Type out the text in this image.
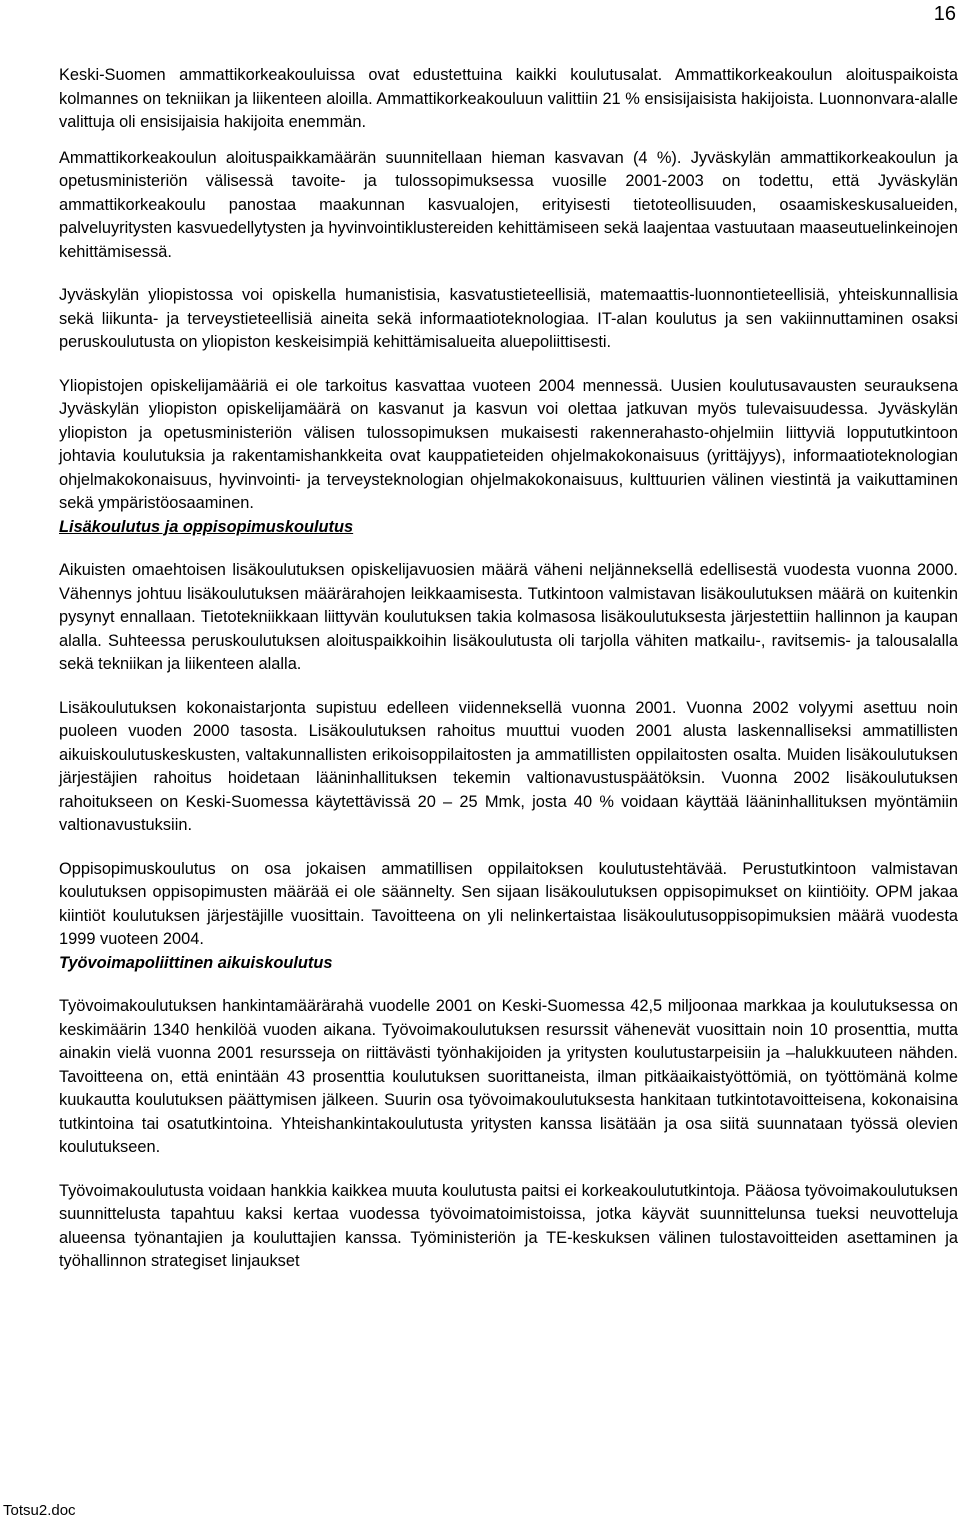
16

Keski-Suomen ammattikorkeakouluissa ovat edustettuina kaikki koulutusalat. Ammattikorkeakoulun aloituspaikoista kolmannes on tekniikan ja liikenteen aloilla. Ammattikorkeakouluun valittiin 21 % ensisijaisista hakijoista. Luonnonvara-alalle valittuja oli ensisijaisia hakijoita enemmän.

Ammattikorkeakoulun aloituspaikkamäärän suunnitellaan hieman kasvavan (4 %). Jyväskylän ammattikorkeakoulun ja opetusministeriön välisessä tavoite- ja tulossopimuksessa vuosille 2001-2003 on todettu, että Jyväskylän ammattikorkeakoulu panostaa maakunnan kasvualojen, erityisesti tietoteollisuuden, osaamiskeskusalueiden, palveluyritysten kasvuedellytysten ja hyvinvointiklustereiden kehittämiseen sekä laajentaa vastuutaan maaseutuelinkeinojen kehittämisessä.

Jyväskylän yliopistossa voi opiskella humanistisia, kasvatustieteellisiä, matemaattis-luonnontieteellisiä, yhteiskunnallisia sekä liikunta- ja terveystieteellisiä aineita sekä informaatioteknologiaa. IT-alan koulutus ja sen vakiinnuttaminen osaksi peruskoulutusta on yliopiston keskeisimpiä kehittämisalueita aluepoliittisesti.

Yliopistojen opiskelijamääriä ei ole tarkoitus kasvattaa vuoteen 2004 mennessä. Uusien koulutusavausten seurauksena Jyväskylän yliopiston opiskelijamäärä on kasvanut ja kasvun voi olettaa jatkuvan myös tulevaisuudessa. Jyväskylän yliopiston ja opetusministeriön välisen tulossopimuksen mukaisesti rakennerahasto-ohjelmiin liittyviä loppututkintoon johtavia koulutuksia ja rakentamishankkeita ovat kauppatieteiden ohjelmakokonaisuus (yrittäjyys), informaatioteknologian ohjelmakokonaisuus, hyvinvointi- ja terveysteknologian ohjelmakokonaisuus, kulttuurien välinen viestintä ja vaikuttaminen sekä ympäristöosaaminen.

Lisäkoulutus ja oppisopimuskoulutus

Aikuisten omaehtoisen lisäkoulutuksen opiskelijavuosien määrä väheni neljänneksellä edellisestä vuodesta vuonna 2000. Vähennys johtuu lisäkoulutuksen määrärahojen leikkaamisesta. Tutkintoon valmistavan lisäkoulutuksen määrä on kuitenkin pysynyt ennallaan. Tietotekniikkaan liittyvän koulutuksen takia kolmasosa lisäkoulutuksesta järjestettiin hallinnon ja kaupan alalla. Suhteessa peruskoulutuksen aloituspaikkoihin lisäkoulutusta oli tarjolla vähiten matkailu-, ravitsemis- ja talousalalla sekä tekniikan ja liikenteen alalla.

Lisäkoulutuksen kokonaistarjonta supistuu edelleen viidenneksellä vuonna 2001. Vuonna 2002 volyymi asettuu noin puoleen vuoden 2000 tasosta. Lisäkoulutuksen rahoitus muuttui vuoden 2001 alusta laskennalliseksi ammatillisten aikuiskoulutuskeskusten, valtakunnallisten erikoisoppilaitosten ja ammatillisten oppilaitosten osalta. Muiden lisäkoulutuksen järjestäjien rahoitus hoidetaan lääninhallituksen tekemin valtionavustuspäätöksin. Vuonna 2002 lisäkoulutuksen rahoitukseen on Keski-Suomessa käytettävissä 20 – 25 Mmk, josta 40 % voidaan käyttää lääninhallituksen myöntämiin valtionavustuksiin.

Oppisopimuskoulutus on osa jokaisen ammatillisen oppilaitoksen koulutustehtävää. Perustutkintoon valmistavan koulutuksen oppisopimusten määrää ei ole säännelty. Sen sijaan lisäkoulutuksen oppisopimukset on kiintiöity. OPM jakaa kiintiöt koulutuksen järjestäjille vuosittain. Tavoitteena on yli nelinkertaistaa lisäkoulutusoppisopimuksien määrä vuodesta 1999 vuoteen 2004.

Työvoimapoliittinen aikuiskoulutus

Työvoimakoulutuksen hankintamäärärahä vuodelle 2001 on Keski-Suomessa 42,5 miljoonaa markkaa ja koulutuksessa on keskimäärin 1340 henkilöä vuoden aikana. Työvoimakoulutuksen resurssit vähenevät vuosittain noin 10 prosenttia, mutta ainakin vielä vuonna 2001 resursseja on riittävästi työnhakijoiden ja yritysten koulutustarpeisiin ja –halukkuuteen nähden. Tavoitteena on, että enintään 43 prosenttia koulutuksen suorittaneista, ilman pitkäaikaistyöttömiä, on työttömänä kolme kuukautta koulutuksen päättymisen jälkeen. Suurin osa työvoimakoulutuksesta hankitaan tutkintotavoitteisena, kokonaisina tutkintoina tai osatutkintoina. Yhteishankintakoulutusta yritysten kanssa lisätään ja osa siitä suunnataan työssä olevien koulutukseen.

Työvoimakoulutusta voidaan hankkia kaikkea muuta koulutusta paitsi ei korkeakoulututkintoja. Pääosa työvoimakoulutuksen suunnittelusta tapahtuu kaksi kertaa vuodessa työvoimatoimistoissa, jotka käyvät suunnittelunsa tueksi neuvotteluja alueensa työnantajien ja kouluttajien kanssa. Työministeriön ja TE-keskuksen välinen tulostavoitteiden asettaminen ja työhallinnon strategiset linjaukset

Totsu2.doc
